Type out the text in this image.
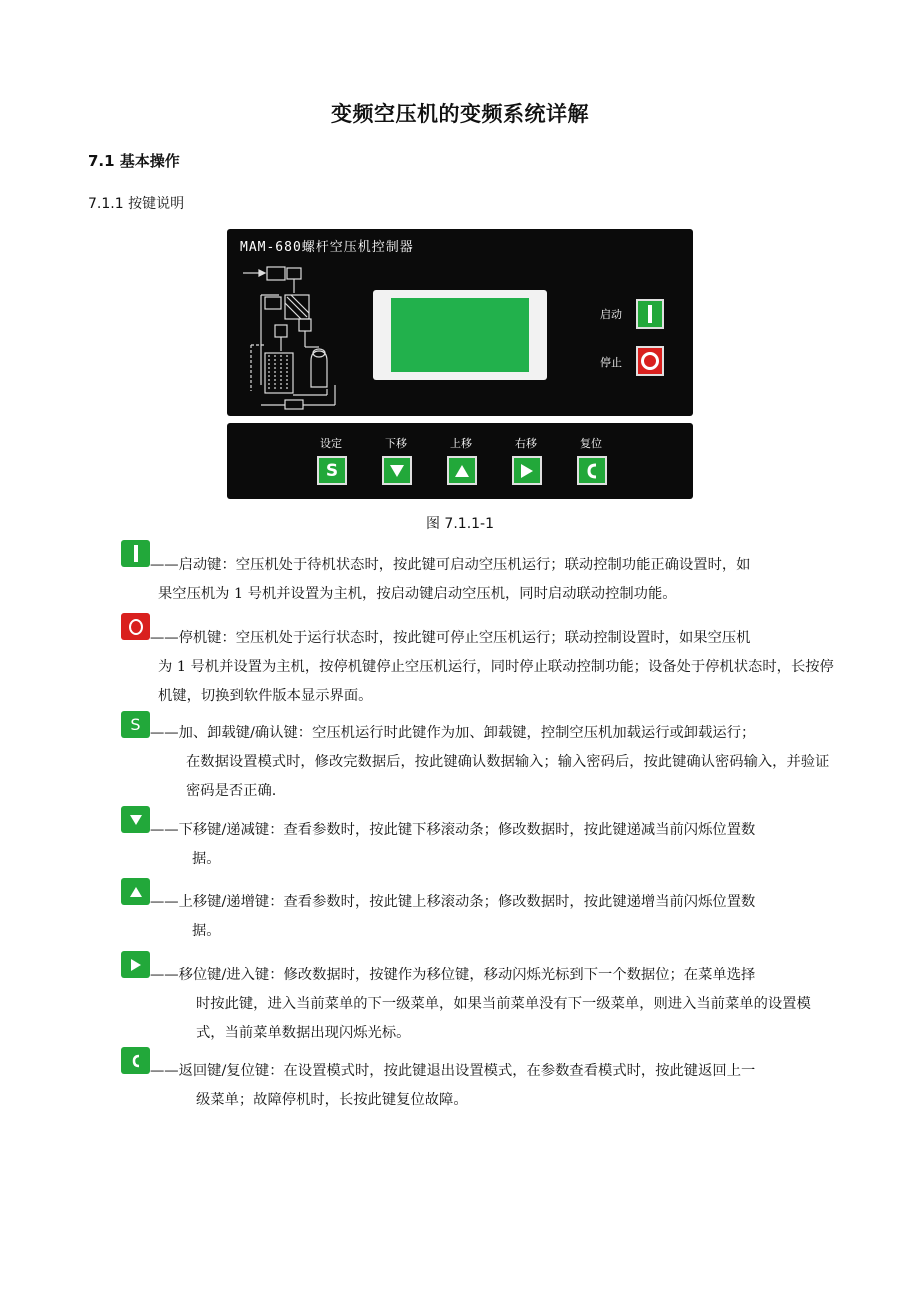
变频空压机的变频系统详解
7.1 基本操作
7.1.1 按键说明
MAM-680螺杆空压机控制器
启动
停止
设定	下移	上移	右移	复位
S
图 7.1.1-1
——启动键：空压机处于待机状态时，按此键可启动空压机运行；联动控制功能正确设置时，如
果空压机为 1 号机并设置为主机，按启动键启动空压机，同时启动联动控制功能。
——停机键：空压机处于运行状态时，按此键可停止空压机运行；联动控制设置时，如果空压机
为 1 号机并设置为主机，按停机键停止空压机运行，同时停止联动控制功能；设备处于停机状态时，长按停机键，切换到软件版本显示界面。
S ——加、卸载键/确认键：空压机运行时此键作为加、卸载键，控制空压机加载运行或卸载运行；
在数据设置模式时，修改完数据后，按此键确认数据输入；输入密码后，按此键确认密码输入，并验证密码是否正确.
——下移键/递减键：查看参数时，按此键下移滚动条；修改数据时，按此键递减当前闪烁位置数
据。
——上移键/递增键：查看参数时，按此键上移滚动条；修改数据时，按此键递增当前闪烁位置数
据。
——移位键/进入键：修改数据时，按键作为移位键，移动闪烁光标到下一个数据位；在菜单选择
时按此键，进入当前菜单的下一级菜单，如果当前菜单没有下一级菜单，则进入当前菜单的设置模式，当前菜单数据出现闪烁光标。
——返回键/复位键：在设置模式时，按此键退出设置模式，在参数查看模式时，按此键返回上一
级菜单；故障停机时，长按此键复位故障。
